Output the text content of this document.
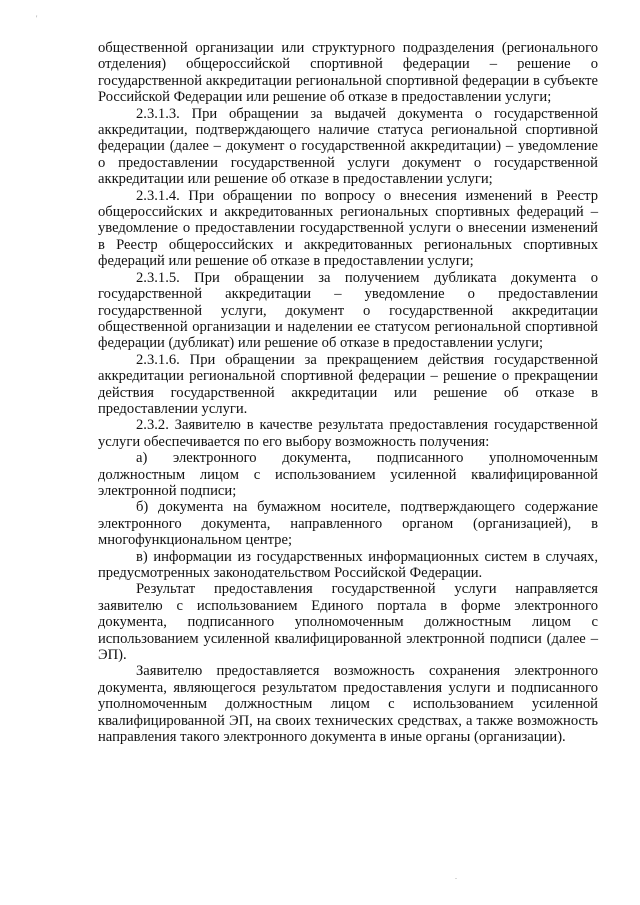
'

общественной организации или структурного подразделения (регионального отделения) общероссийской спортивной федерации – решение о государственной аккредитации региональной спортивной федерации в субъекте Российской Федерации или решение об отказе в предоставлении услуги;

2.3.1.3. При обращении за выдачей документа о государственной аккредитации, подтверждающего наличие статуса региональной спортивной федерации (далее – документ о государственной аккредитации) – уведомление о предоставлении государственной услуги документ о государственной аккредитации или решение об отказе в предоставлении услуги;

2.3.1.4. При обращении по вопросу о внесения изменений в Реестр общероссийских и аккредитованных региональных спортивных федераций – уведомление о предоставлении государственной услуги о внесении изменений в Реестр общероссийских и аккредитованных региональных спортивных федераций или решение об отказе в предоставлении услуги;

2.3.1.5. При обращении за получением дубликата документа о государственной аккредитации – уведомление о предоставлении государственной услуги, документ о государственной аккредитации общественной организации и наделении ее статусом региональной спортивной федерации (дубликат) или решение об отказе в предоставлении услуги;

2.3.1.6. При обращении за прекращением действия государственной аккредитации региональной спортивной федерации – решение о прекращении действия государственной аккредитации или решение об отказе в предоставлении услуги.

2.3.2. Заявителю в качестве результата предоставления государственной услуги обеспечивается по его выбору возможность получения:

а) электронного документа, подписанного уполномоченным должностным лицом с использованием усиленной квалифицированной электронной подписи;

б) документа на бумажном носителе, подтверждающего содержание электронного документа, направленного органом (организацией), в многофункциональном центре;

в) информации из государственных информационных систем в случаях, предусмотренных законодательством Российской Федерации.

Результат предоставления государственной услуги направляется заявителю с использованием Единого портала в форме электронного документа, подписанного уполномоченным должностным лицом с использованием усиленной квалифицированной электронной подписи (далее – ЭП).

Заявителю предоставляется возможность сохранения электронного документа, являющегося результатом предоставления услуги и подписанного уполномоченным должностным лицом с использованием усиленной квалифицированной ЭП, на своих технических средствах, а также возможность направления такого электронного документа в иные органы (организации).

.
